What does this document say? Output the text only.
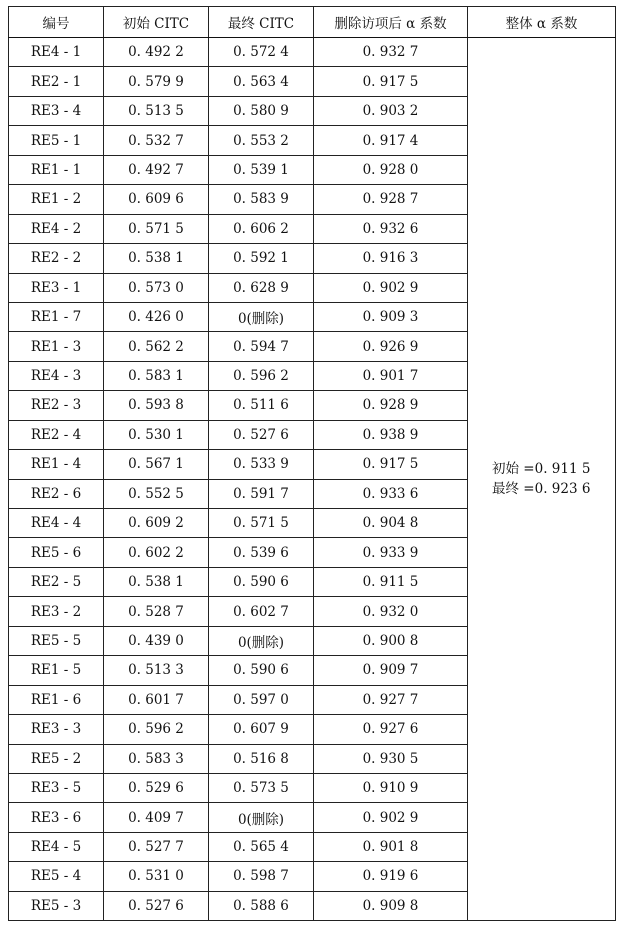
编号	初始 CITC	最终 CITC	删除访项后 α 系数	整体 α 系数
RE4 - 1	0. 492 2	0. 572 4	0. 932 7	初始 =0. 911 5
最终 =0. 923 6

RE2 - 1	0. 579 9	0. 563 4	0. 917 5	
RE3 - 4	0. 513 5	0. 580 9	0. 903 2	
RE5 - 1	0. 532 7	0. 553 2	0. 917 4	
RE1 - 1	0. 492 7	0. 539 1	0. 928 0	
RE1 - 2	0. 609 6	0. 583 9	0. 928 7	
RE4 - 2	0. 571 5	0. 606 2	0. 932 6	
RE2 - 2	0. 538 1	0. 592 1	0. 916 3	
RE3 - 1	0. 573 0	0. 628 9	0. 902 9	
RE1 - 7	0. 426 0	0(删除)	0. 909 3	
RE1 - 3	0. 562 2	0. 594 7	0. 926 9	
RE4 - 3	0. 583 1	0. 596 2	0. 901 7	
RE2 - 3	0. 593 8	0. 511 6	0. 928 9	
RE2 - 4	0. 530 1	0. 527 6	0. 938 9	
RE1 - 4	0. 567 1	0. 533 9	0. 917 5	
RE2 - 6	0. 552 5	0. 591 7	0. 933 6	
RE4 - 4	0. 609 2	0. 571 5	0. 904 8	
RE5 - 6	0. 602 2	0. 539 6	0. 933 9	
RE2 - 5	0. 538 1	0. 590 6	0. 911 5	
RE3 - 2	0. 528 7	0. 602 7	0. 932 0	
RE5 - 5	0. 439 0	0(删除)	0. 900 8	
RE1 - 5	0. 513 3	0. 590 6	0. 909 7	
RE1 - 6	0. 601 7	0. 597 0	0. 927 7	
RE3 - 3	0. 596 2	0. 607 9	0. 927 6	
RE5 - 2	0. 583 3	0. 516 8	0. 930 5	
RE3 - 5	0. 529 6	0. 573 5	0. 910 9	
RE3 - 6	0. 409 7	0(删除)	0. 902 9	
RE4 - 5	0. 527 7	0. 565 4	0. 901 8	
RE5 - 4	0. 531 0	0. 598 7	0. 919 6	
RE5 - 3	0. 527 6	0. 588 6	0. 909 8	
